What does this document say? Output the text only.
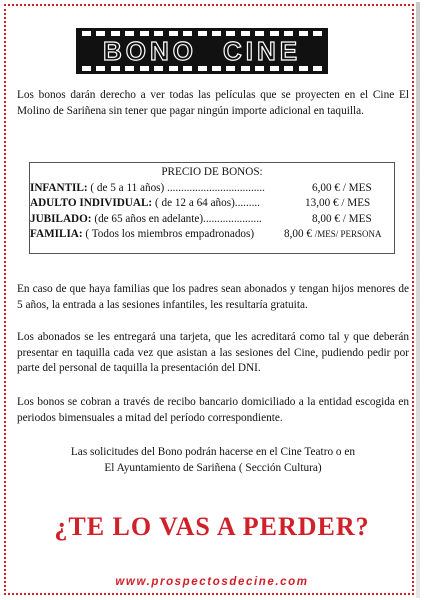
BONO CINE
Los bonos darán derecho a ver todas las películas que se proyecten en el Cine El Molino de Sariñena sin tener que pagar ningún importe adicional en taquilla.
PRECIO DE BONOS:
INFANTIL: ( de 5 a 11 años) ...................................	6,00 € / MES
ADULTO INDIVIDUAL: ( de 12 a 64 años).........	13,00 € / MES
JUBILADO: (de 65 años en adelante).....................	8,00 € / MES
FAMILIA: ( Todos los miembros empadronados)	8,00 € /MES/ PERSONA
En caso de que haya familias que los padres sean abonados y tengan hijos menores de 5 años, la entrada a las sesiones infantiles, les resultaría gratuita.
Los abonados se les entregará una tarjeta, que les acreditará como tal y que deberán presentar en taquilla cada vez que asistan a las sesiones del Cine, pudiendo pedir por parte del personal de taquilla la presentación del DNI.
Los bonos se cobran a través de recibo bancario domiciliado a la entidad escogida en periodos bimensuales a mitad del período correspondiente.
Las solicitudes del Bono podrán hacerse en el Cine Teatro o en
El Ayuntamiento de Sariñena ( Sección Cultura)
¿TE LO VAS A PERDER?
www.prospectosdecine.com
